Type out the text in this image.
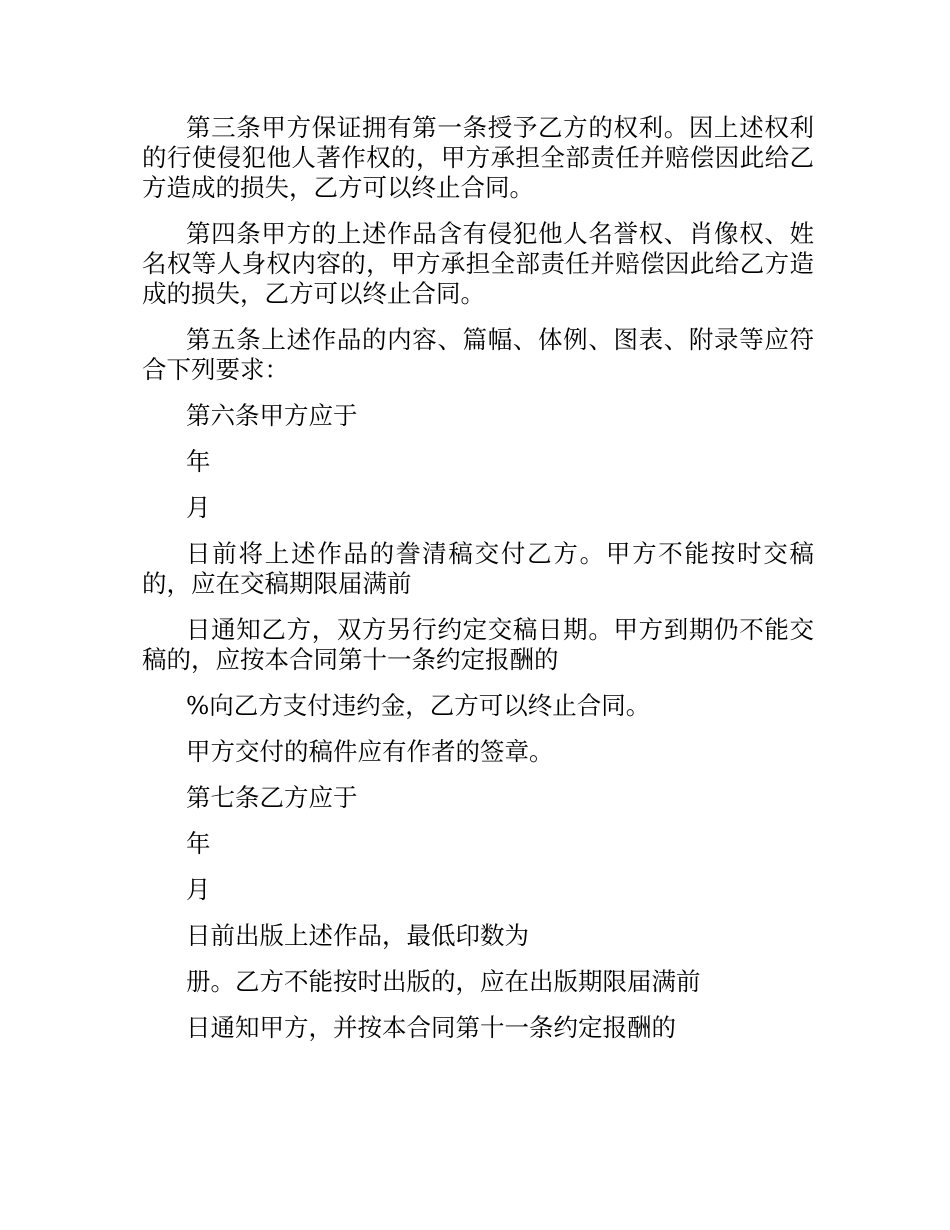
第三条甲方保证拥有第一条授予乙方的权利。因上述权利的行使侵犯他人著作权的，甲方承担全部责任并赔偿因此给乙方造成的损失，乙方可以终止合同。

第四条甲方的上述作品含有侵犯他人名誉权、肖像权、姓名权等人身权内容的，甲方承担全部责任并赔偿因此给乙方造成的损失，乙方可以终止合同。

第五条上述作品的内容、篇幅、体例、图表、附录等应符合下列要求：

第六条甲方应于

年

月

日前将上述作品的誊清稿交付乙方。甲方不能按时交稿的，应在交稿期限届满前

日通知乙方，双方另行约定交稿日期。甲方到期仍不能交稿的，应按本合同第十一条约定报酬的

%向乙方支付违约金，乙方可以终止合同。

甲方交付的稿件应有作者的签章。

第七条乙方应于

年

月

日前出版上述作品，最低印数为

册。乙方不能按时出版的，应在出版期限届满前

日通知甲方，并按本合同第十一条约定报酬的
